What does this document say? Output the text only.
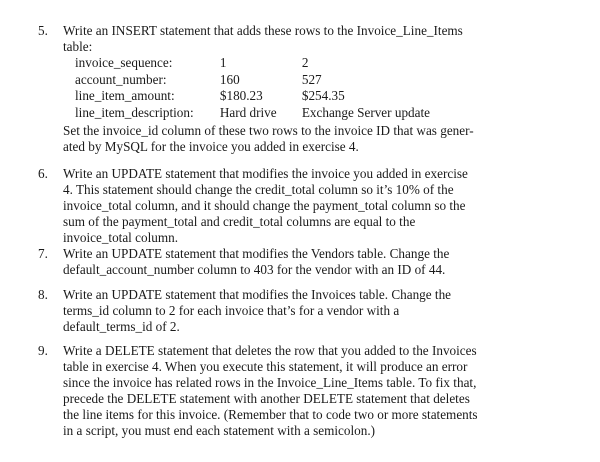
5.	Write an INSERT statement that adds these rows to the Invoice_Line_Items

table:

invoice_sequence:	1	2
account_number:	160	527
line_item_amount:	$180.23	$254.35
line_item_description:	Hard drive	Exchange Server update

Set the invoice_id column of these two rows to the invoice ID that was gener-

ated by MySQL for the invoice you added in exercise 4.

6.	Write an UPDATE statement that modifies the invoice you added in exercise

4. This statement should change the credit_total column so it’s 10% of the

invoice_total column, and it should change the payment_total column so the

sum of the payment_total and credit_total columns are equal to the

invoice_total column.

7.	Write an UPDATE statement that modifies the Vendors table. Change the

default_account_number column to 403 for the vendor with an ID of 44.

8.	Write an UPDATE statement that modifies the Invoices table. Change the

terms_id column to 2 for each invoice that’s for a vendor with a

default_terms_id of 2.

9.	Write a DELETE statement that deletes the row that you added to the Invoices

table in exercise 4. When you execute this statement, it will produce an error

since the invoice has related rows in the Invoice_Line_Items table. To fix that,

precede the DELETE statement with another DELETE statement that deletes

the line items for this invoice. (Remember that to code two or more statements

in a script, you must end each statement with a semicolon.)
